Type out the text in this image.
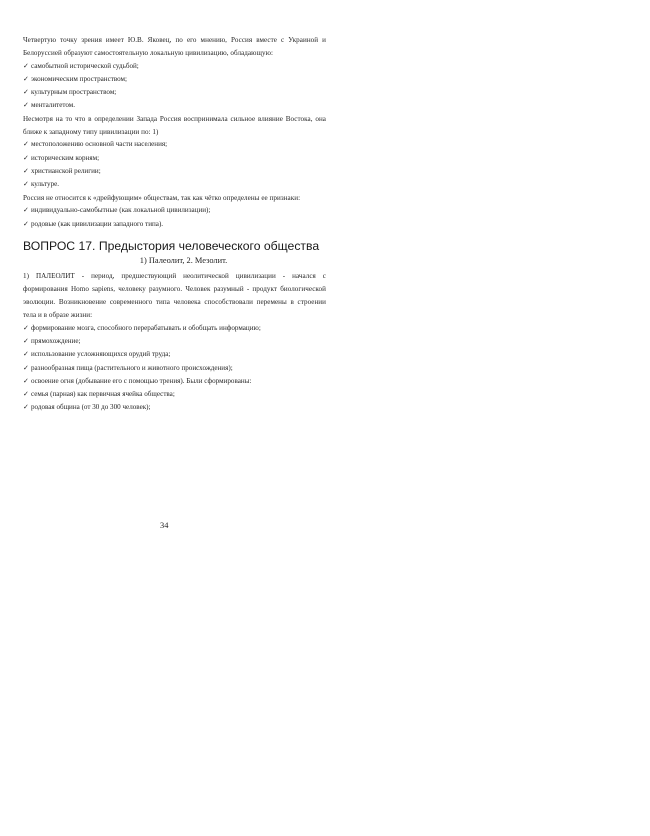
Четвертую точку зрения имеет Ю.В. Яковец, по его мнению, Россия вместе с Украиной и Белоруссией образуют самостоятельную локальную цивилизацию, обладающую:

✓ самобытной исторической судьбой;
✓ экономическим пространством;
✓ культурным пространством;
✓ менталитетом.

Несмотря на то что в определении Запада Россия воспринимала сильное влияние Востока, она ближе к западному типу цивилизации по: 1)

✓ местоположению основной части населения;
✓ историческим корням;
✓ христианской религии;
✓ культуре.

Россия не относится к «дрейфующим» обществам, так как чётко определены ее признаки:

✓ индивидуально-самобытные (как локальной цивилизации);
✓ родовые (как цивилизации западного типа).
ВОПРОС 17. Предыстория человеческого общества
1) Палеолит, 2. Мезолит.

1) ПАЛЕОЛИТ - период, предшествующий неолитической цивилизации - начался с формирования Homo sapiens, человеку разумного. Человек разумный - продукт биологической эволюции. Возникновение современного типа человека способствовали перемены в строении тела и в образе жизни:

✓ формирование мозга, способного перерабатывать и обобщать информацию;
✓ прямохождение;
✓ использование усложняющихся орудий труда;
✓ разнообразная пища (растительного и животного происхождения);
✓ освоение огня (добывание его с помощью трения). Были сформированы:
✓ семья (парная) как первичная ячейка общества;
✓ родовая община (от 30 до 300 человек);
34
